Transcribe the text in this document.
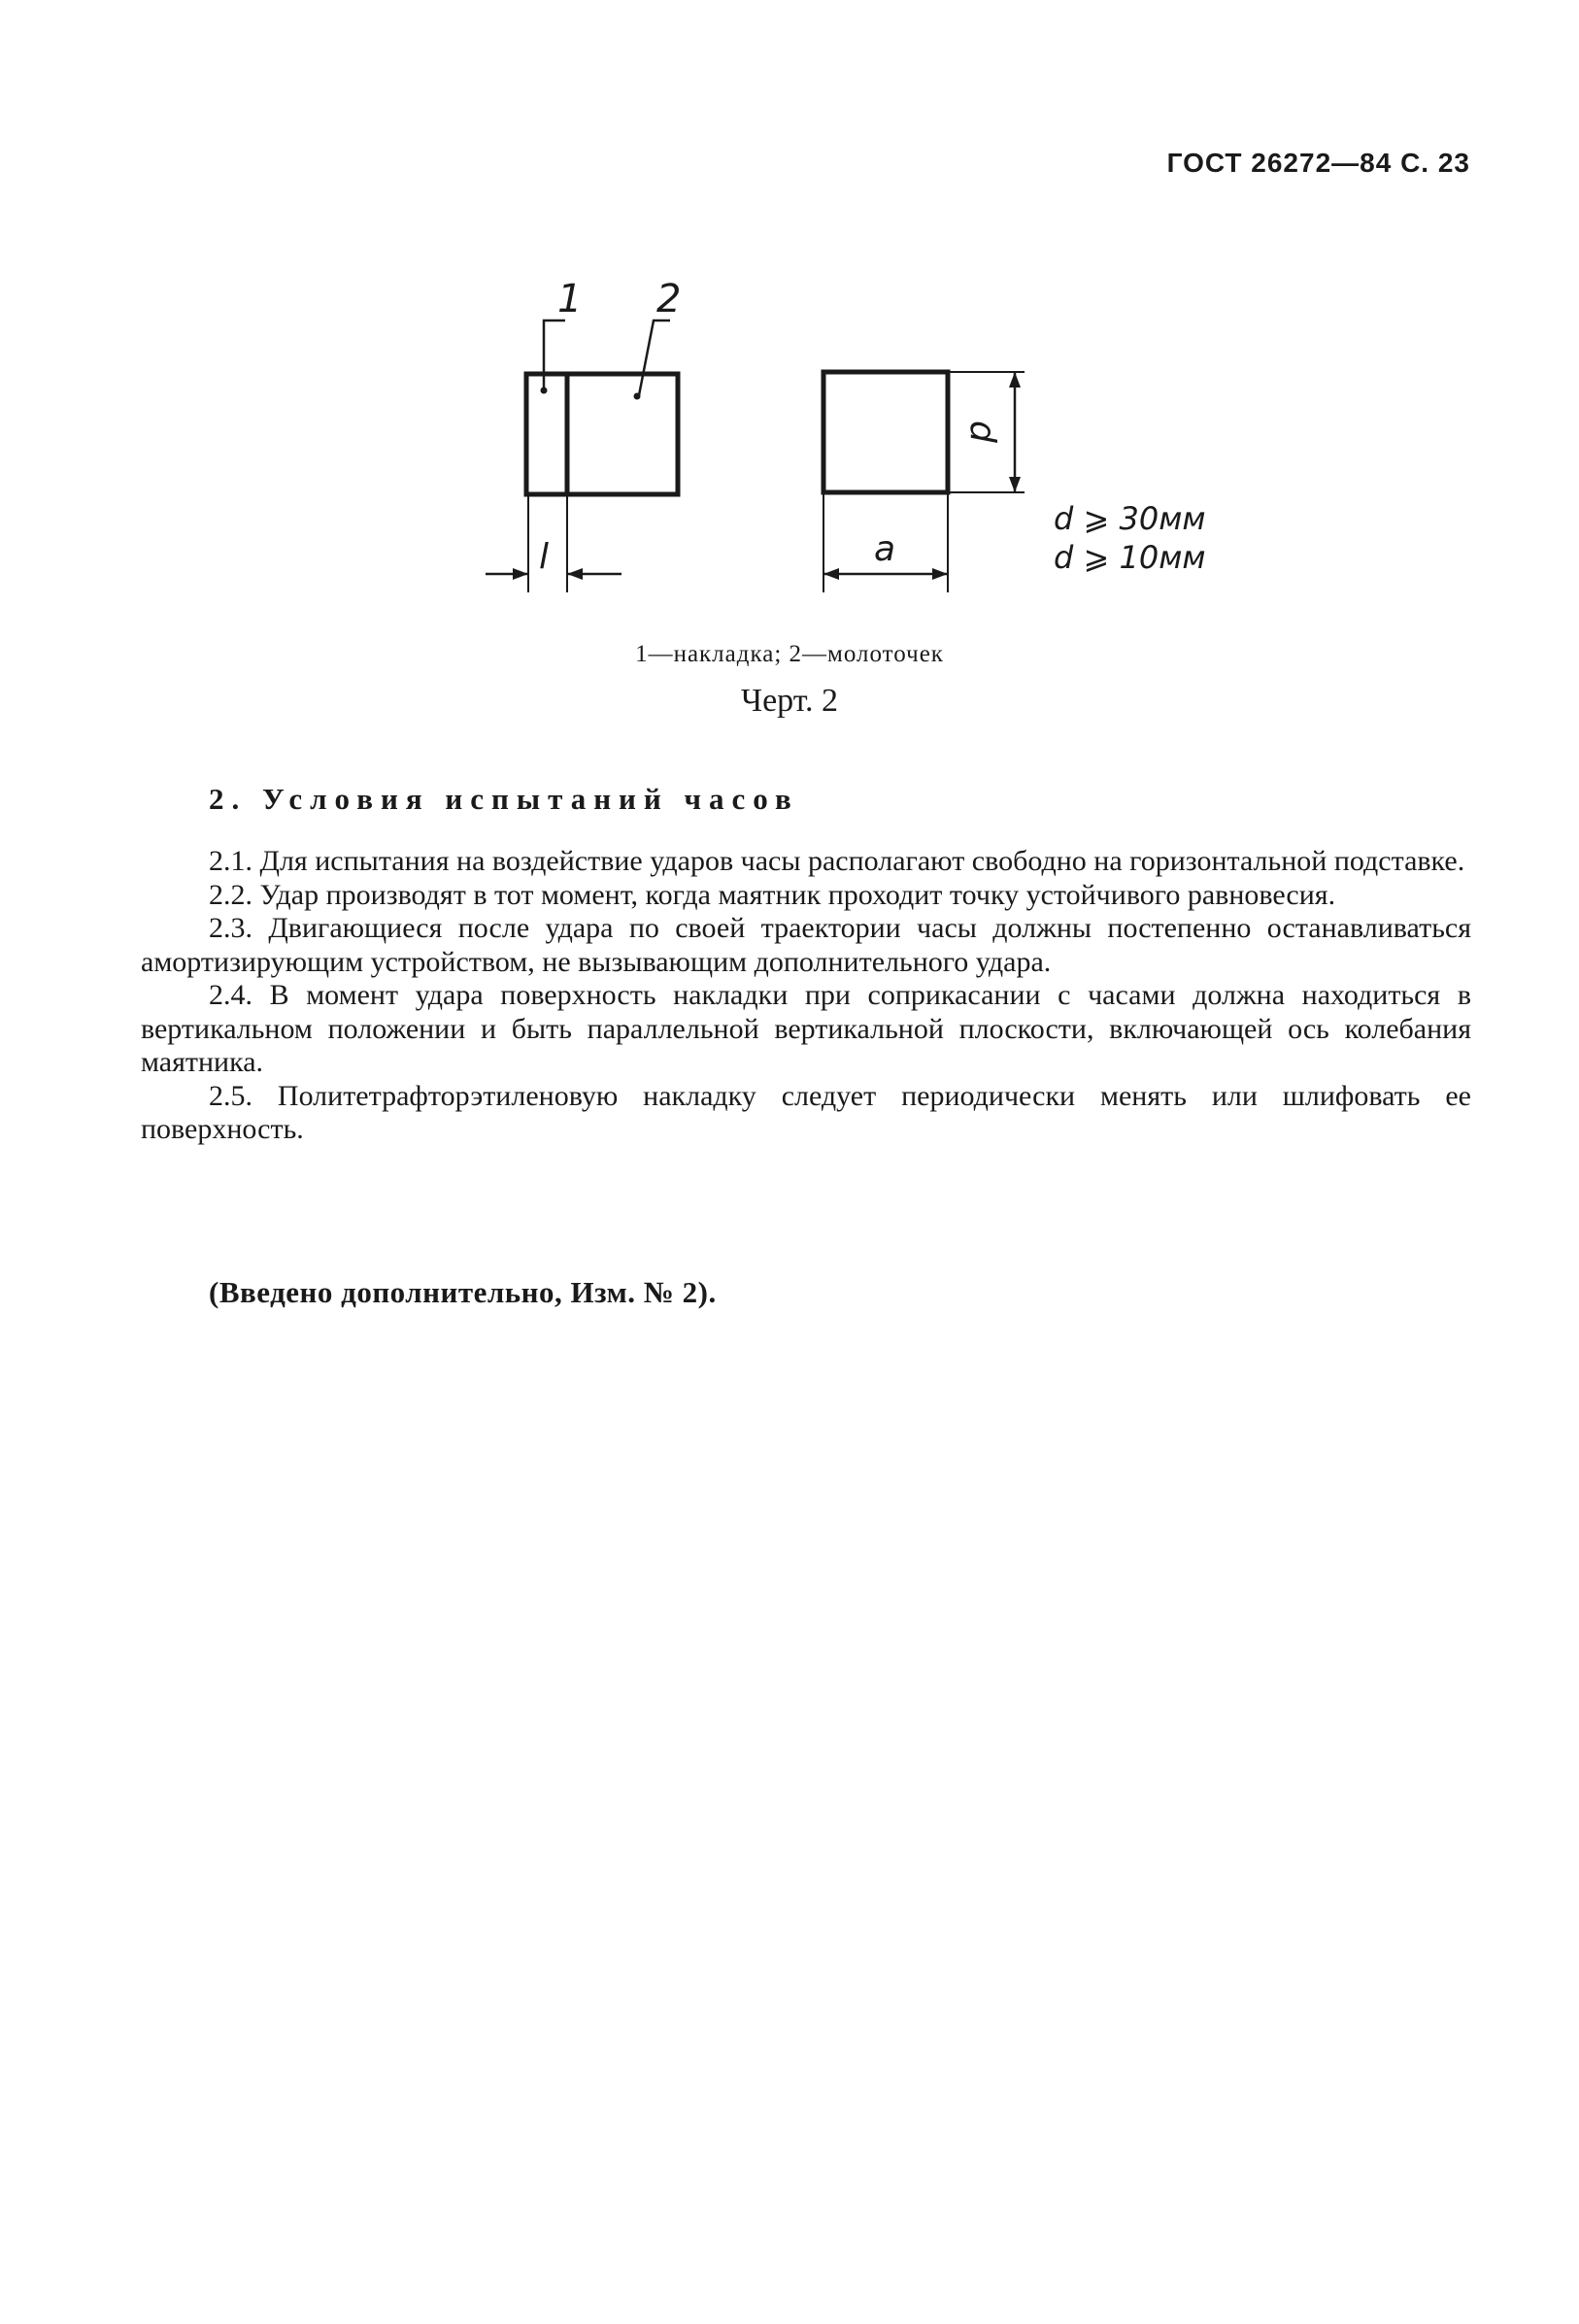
ГОСТ 26272—84 С. 23
1 2
l	a
d
d ⩾ 30мм
d ⩾ 10мм
1—накладка; 2—молоточек
Черт. 2
2. Условия испытаний часов

2.1. Для испытания на воздействие ударов часы располагают свободно на горизонтальной подставке.

2.2. Удар производят в тот момент, когда маятник проходит точку устойчивого равновесия.

2.3. Двигающиеся после удара по своей траектории часы должны постепенно останавливаться амортизирующим устройством, не вызывающим дополнительного удара.

2.4. В момент удара поверхность накладки при соприкасании с часами должна находиться в вертикальном положении и быть параллельной вертикальной плоскости, включающей ось колебания маятника.

2.5. Политетрафторэтиленовую накладку следует периодически менять или шлифовать ее поверхность.

(Введено дополнительно, Изм. № 2).
